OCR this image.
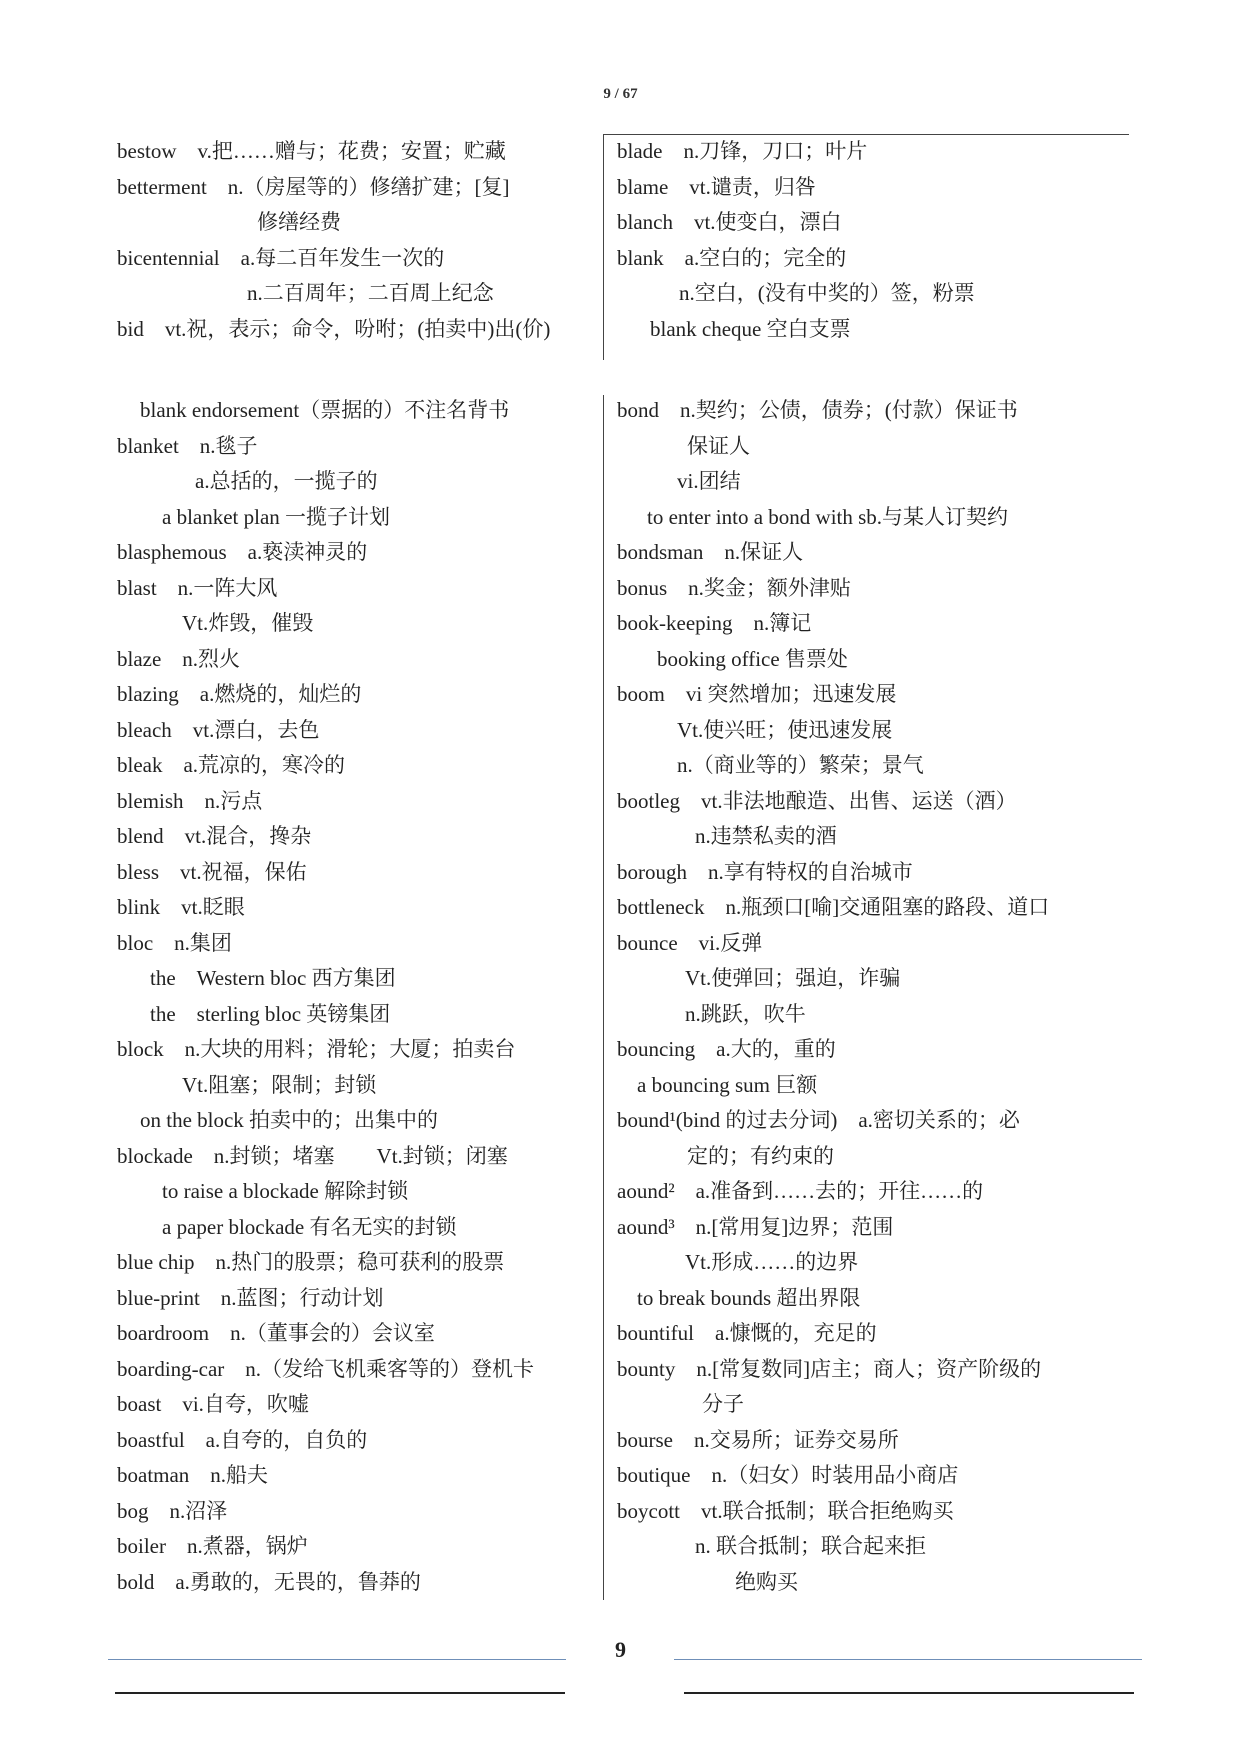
9 / 67
bestow　v.把……赠与；花费；安置；贮藏
betterment　n.（房屋等的）修缮扩建；[复]
修缮经费
bicentennial　a.每二百年发生一次的
n.二百周年；二百周上纪念
bid　vt.祝，表示；命令，吩咐；(拍卖中)出(价)
blade　n.刀锋，刀口；叶片
blame　vt.谴责，归咎
blanch　vt.使变白，漂白
blank　a.空白的；完全的
n.空白，(没有中奖的）签，粉票
blank cheque 空白支票
blank endorsement（票据的）不注名背书
blanket　n.毯子
a.总括的，一揽子的
a blanket plan 一揽子计划
blasphemous　a.亵渎神灵的
blast　n.一阵大风
Vt.炸毁，催毁
blaze　n.烈火
blazing　a.燃烧的，灿烂的
bleach　vt.漂白，去色
bleak　a.荒凉的，寒冷的
blemish　n.污点
blend　vt.混合，搀杂
bless　vt.祝福，保佑
blink　vt.眨眼
bloc　n.集团
the　Western bloc 西方集团
the　sterling bloc 英镑集团
block　n.大块的用料；滑轮；大厦；拍卖台
Vt.阻塞；限制；封锁
on the block 拍卖中的；出集中的
blockade　n.封锁；堵塞　　Vt.封锁；闭塞
to raise a blockade 解除封锁
a paper blockade 有名无实的封锁
blue chip　n.热门的股票；稳可获利的股票
blue-print　n.蓝图；行动计划
boardroom　n.（董事会的）会议室
boarding-car　n.（发给飞机乘客等的）登机卡
boast　vi.自夸，吹嘘
boastful　a.自夸的，自负的
boatman　n.船夫
bog　n.沼泽
boiler　n.煮器，锅炉
bold　a.勇敢的，无畏的，鲁莽的
bond　n.契约；公债，债券；(付款）保证书
保证人
vi.团结
to enter into a bond with sb.与某人订契约
bondsman　n.保证人
bonus　n.奖金；额外津贴
book-keeping　n.簿记
booking office 售票处
boom　vi 突然增加；迅速发展
Vt.使兴旺；使迅速发展
n.（商业等的）繁荣；景气
bootleg　vt.非法地酿造、出售、运送（酒）
n.违禁私卖的酒
borough　n.享有特权的自治城市
bottleneck　n.瓶颈口[喻]交通阻塞的路段、道口
bounce　vi.反弹
Vt.使弹回；强迫，诈骗
n.跳跃，吹牛
bouncing　a.大的，重的
a bouncing sum 巨额
bound¹(bind 的过去分词)　a.密切关系的；必
定的；有约束的
aound²　a.准备到……去的；开往……的
aound³　n.[常用复]边界；范围
Vt.形成……的边界
to break bounds 超出界限
bountiful　a.慷慨的，充足的
bounty　n.[常复数同]店主；商人；资产阶级的
分子
bourse　n.交易所；证券交易所
boutique　n.（妇女）时装用品小商店
boycott　vt.联合抵制；联合拒绝购买
n. 联合抵制；联合起来拒
绝购买
9
